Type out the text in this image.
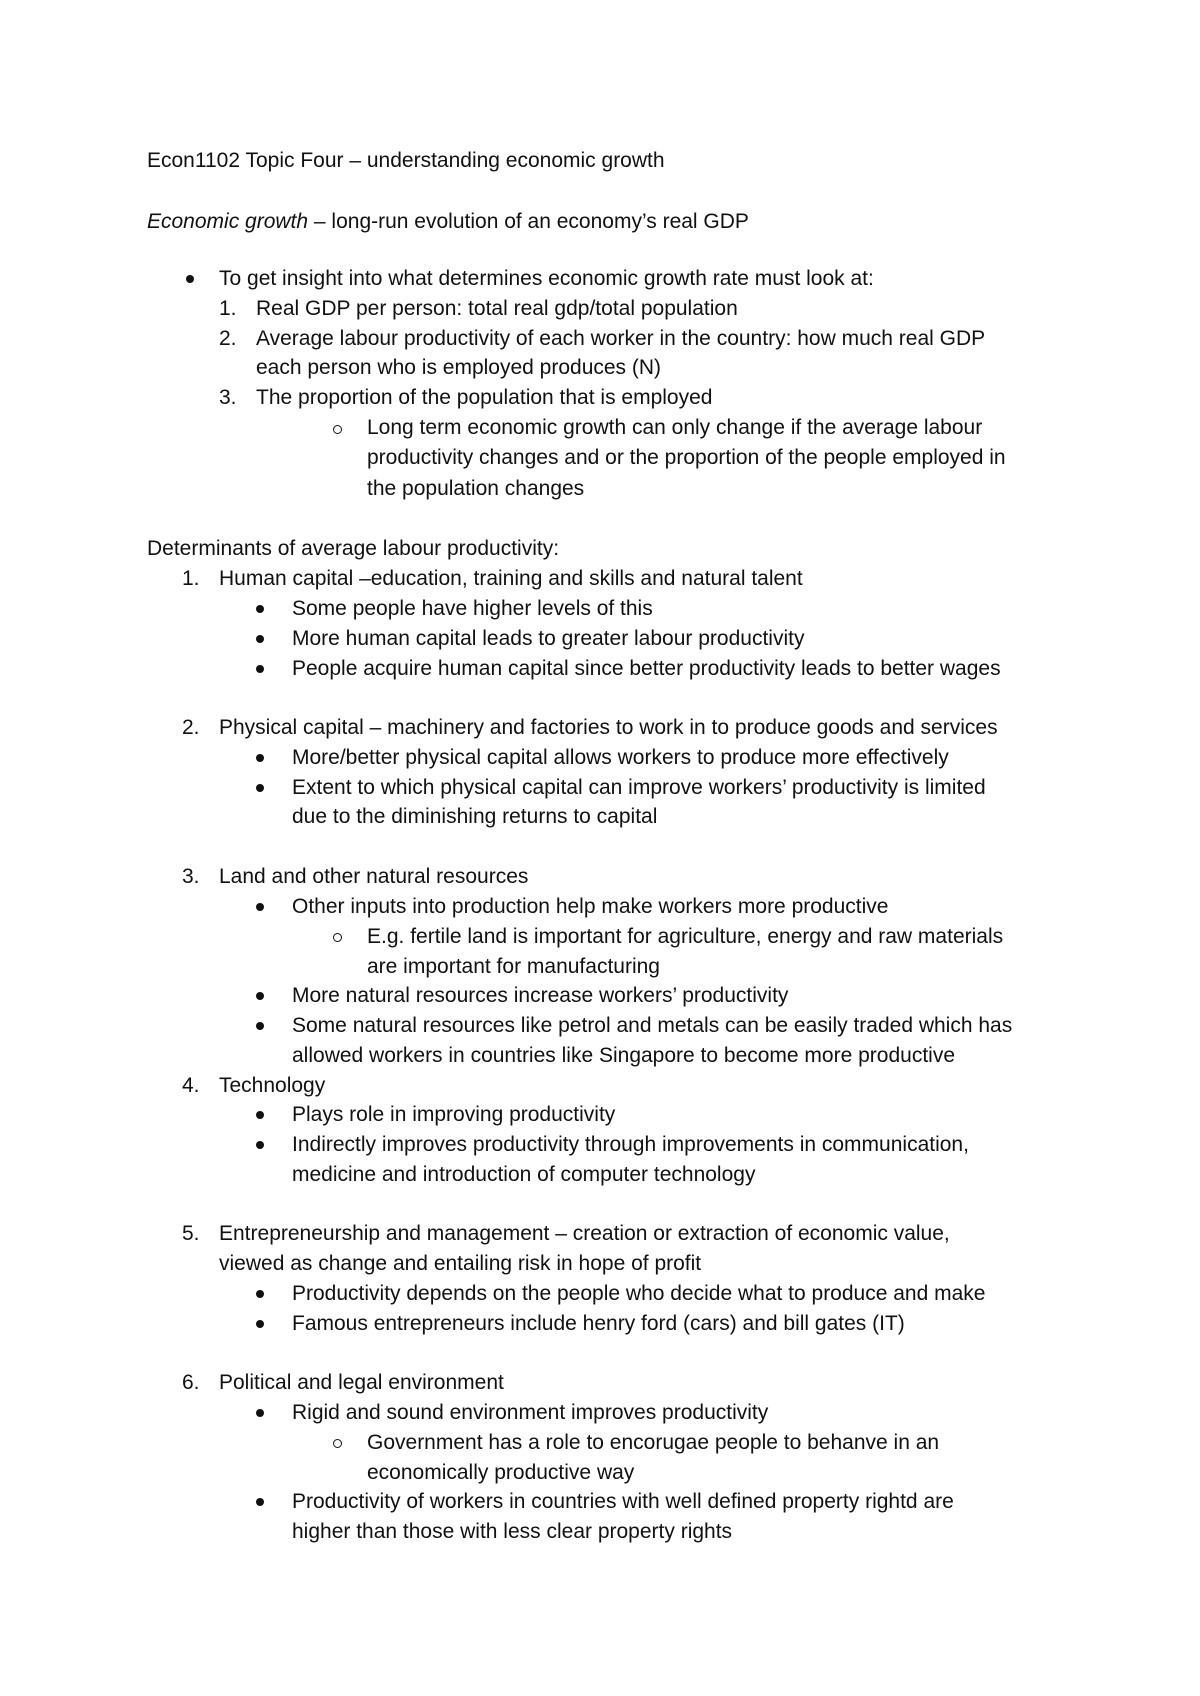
Econ1102 Topic Four – understanding economic growth
Economic growth – long-run evolution of an economy’s real GDP
To get insight into what determines economic growth rate must look at:
1. Real GDP per person: total real gdp/total population
2. Average labour productivity of each worker in the country: how much real GDP
each person who is employed produces (N)
3. The proportion of the population that is employed
Long term economic growth can only change if the average labour
productivity changes and or the proportion of the people employed in
the population changes
Determinants of average labour productivity:
1. Human capital –education, training and skills and natural talent
Some people have higher levels of this
More human capital leads to greater labour productivity
People acquire human capital since better productivity leads to better wages
2. Physical capital – machinery and factories to work in to produce goods and services
More/better physical capital allows workers to produce more effectively
Extent to which physical capital can improve workers’ productivity is limited
due to the diminishing returns to capital
3. Land and other natural resources
Other inputs into production help make workers more productive
E.g. fertile land is important for agriculture, energy and raw materials
are important for manufacturing
More natural resources increase workers’ productivity
Some natural resources like petrol and metals can be easily traded which has
allowed workers in countries like Singapore to become more productive
4. Technology
Plays role in improving productivity
Indirectly improves productivity through improvements in communication,
medicine and introduction of computer technology
5. Entrepreneurship and management – creation or extraction of economic value,
viewed as change and entailing risk in hope of profit
Productivity depends on the people who decide what to produce and make
Famous entrepreneurs include henry ford (cars) and bill gates (IT)
6. Political and legal environment
Rigid and sound environment improves productivity
Government has a role to encorugae people to behanve in an
economically productive way
Productivity of workers in countries with well defined property rightd are
higher than those with less clear property rights
